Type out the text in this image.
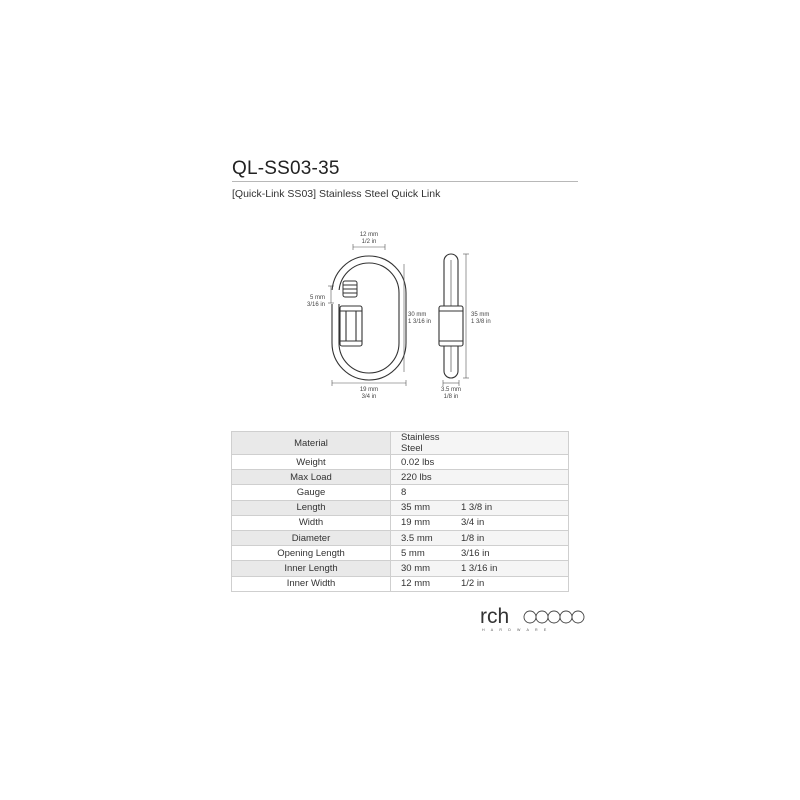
QL-SS03-35
[Quick-Link SS03] Stainless Steel Quick Link
12 mm
1/2 in
5 mm
3/16 in
30 mm
1 3/16 in
19 mm
3/4 in
35 mm
1 3/8 in
3.5 mm
1/8 in
Material	Stainless Steel
Weight	0.02 lbs
Max Load	220 lbs
Gauge	8
Length	35 mm 1 3/8 in
Width	19 mm 3/4 in
Diameter	3.5 mm 1/8 in
Opening Length	5 mm 3/16 in
Inner Length	30 mm 1 3/16 in
Inner Width	12 mm 1/2 in
rch
HARDWARE
